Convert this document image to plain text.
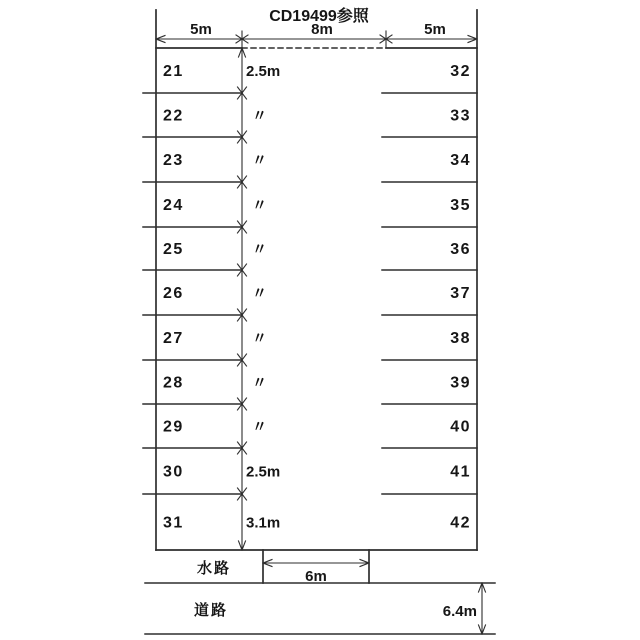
21	32
2.5m
22	33
〃
23	34
〃
24	35
〃
25	36
〃
26	37
〃
27	38
〃
28	39
〃
29	40
〃
30	41
2.5m
31	42
3.1m
CD19499参照
5m	8m	5m
水路	6m
道路	6.4m
